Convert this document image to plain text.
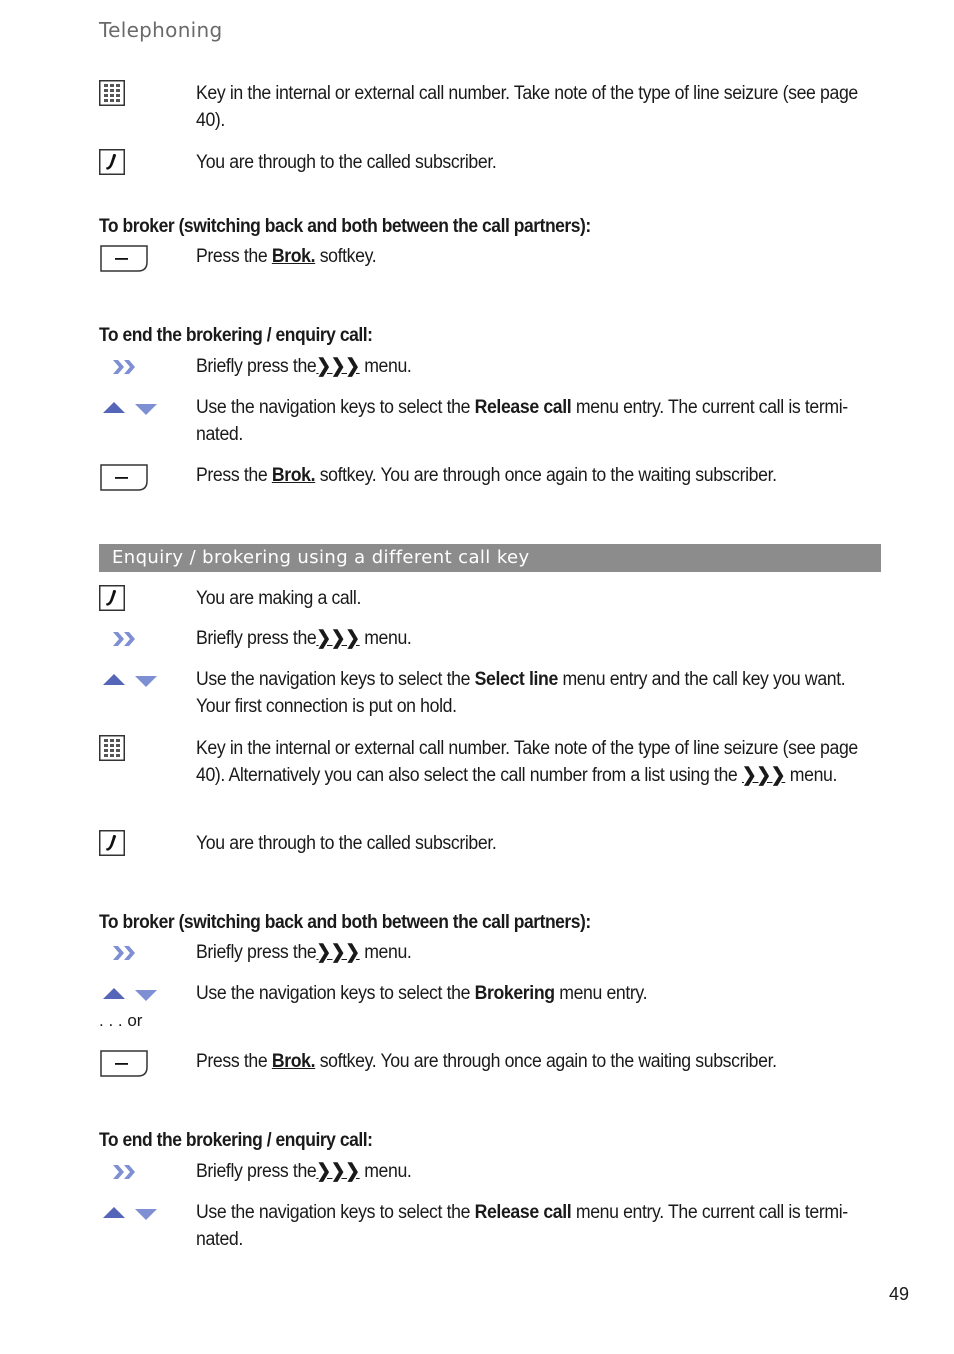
Telephoning
Key in the internal or external call number. Take note of the type of line seizure (see page 40).
You are through to the called subscriber.
To broker (switching back and both between the call partners):
Press the Brok. softkey.
To end the brokering / enquiry call:
Briefly press the❯❯❯ menu.
Use the navigation keys to select the Release call menu entry. The current call is termi-nated.
Press the Brok. softkey. You are through once again to the waiting subscriber.
Enquiry / brokering using a different call key
You are making a call.
Briefly press the❯❯❯ menu.
Use the navigation keys to select the Select line menu entry and the call key you want. Your first connection is put on hold.
Key in the internal or external call number. Take note of the type of line seizure (see page 40). Alternatively you can also select the call number from a list using the ❯❯❯ menu.
You are through to the called subscriber.
To broker (switching back and both between the call partners):
Briefly press the❯❯❯ menu.
Use the navigation keys to select the Brokering menu entry.
. . . or
Press the Brok. softkey. You are through once again to the waiting subscriber.
To end the brokering / enquiry call:
Briefly press the❯❯❯ menu.
Use the navigation keys to select the Release call menu entry. The current call is termi-nated.
49
